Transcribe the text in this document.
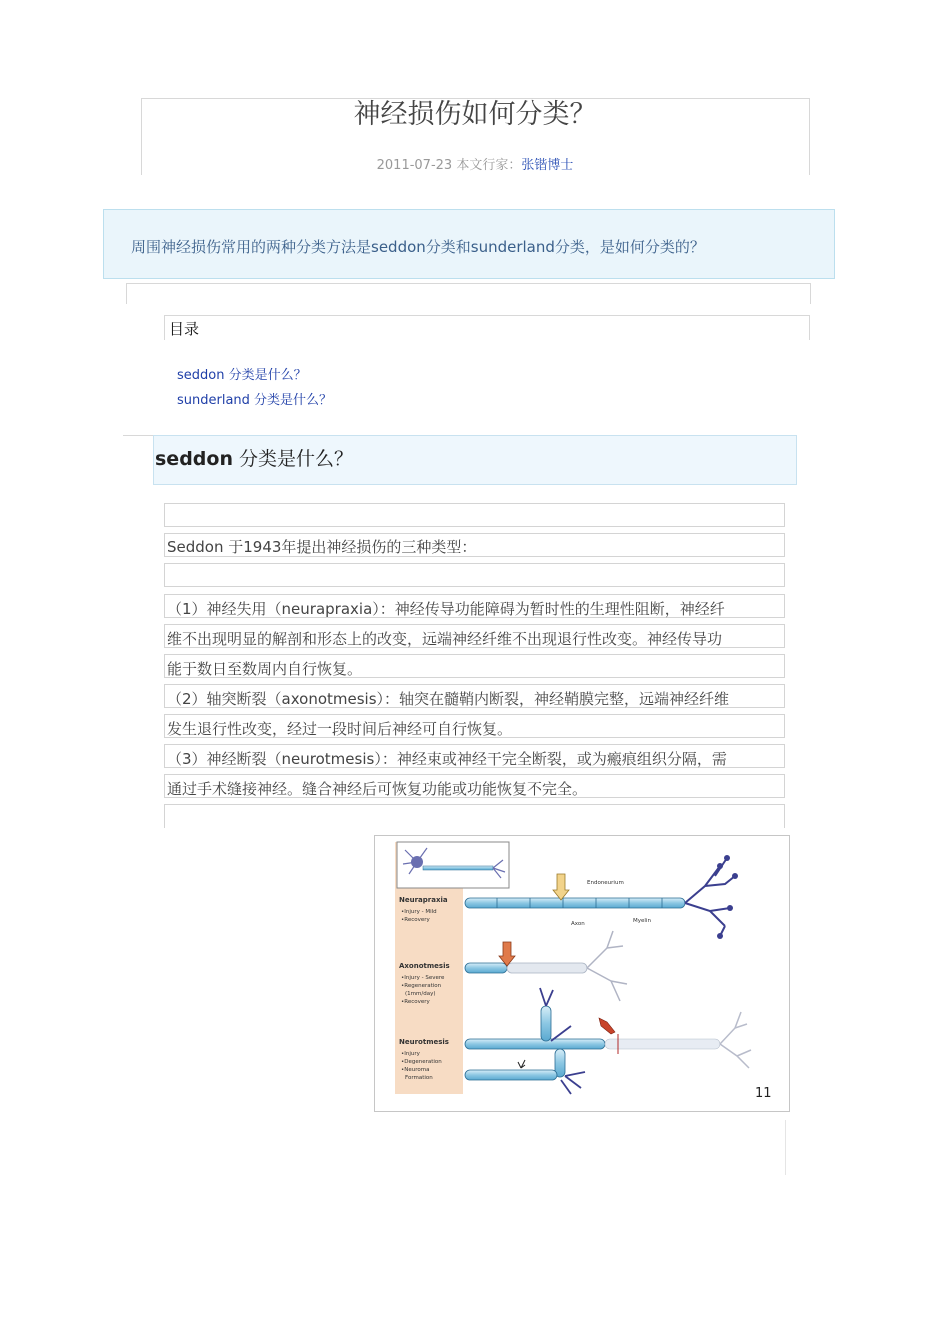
神经损伤如何分类？
2011-07-23 本文行家：张锴博士
周围神经损伤常用的两种分类方法是seddon分类和sunderland分类，是如何分类的？
目录
seddon 分类是什么？
sunderland 分类是什么？
seddon 分类是什么？
Seddon 于1943年提出神经损伤的三种类型：
（1）神经失用（neurapraxia）：神经传导功能障碍为暂时性的生理性阻断，神经纤
维不出现明显的解剖和形态上的改变，远端神经纤维不出现退行性改变。神经传导功
能于数日至数周内自行恢复。
（2）轴突断裂（axonotmesis）：轴突在髓鞘内断裂，神经鞘膜完整，远端神经纤维
发生退行性改变，经过一段时间后神经可自行恢复。
（3）神经断裂（neurotmesis）：神经束或神经干完全断裂，或为瘢痕组织分隔，需
通过手术缝接神经。缝合神经后可恢复功能或功能恢复不完全。
Neurapraxia
•Injury - Mild
•Recovery
Endoneurium
Axon	Myelin
Axonotmesis
•Injury - Severe
•Regeneration
(1mm/day)
•Recovery
Neurotmesis
•Injury
•Degeneration
•Neuroma
Formation
11
